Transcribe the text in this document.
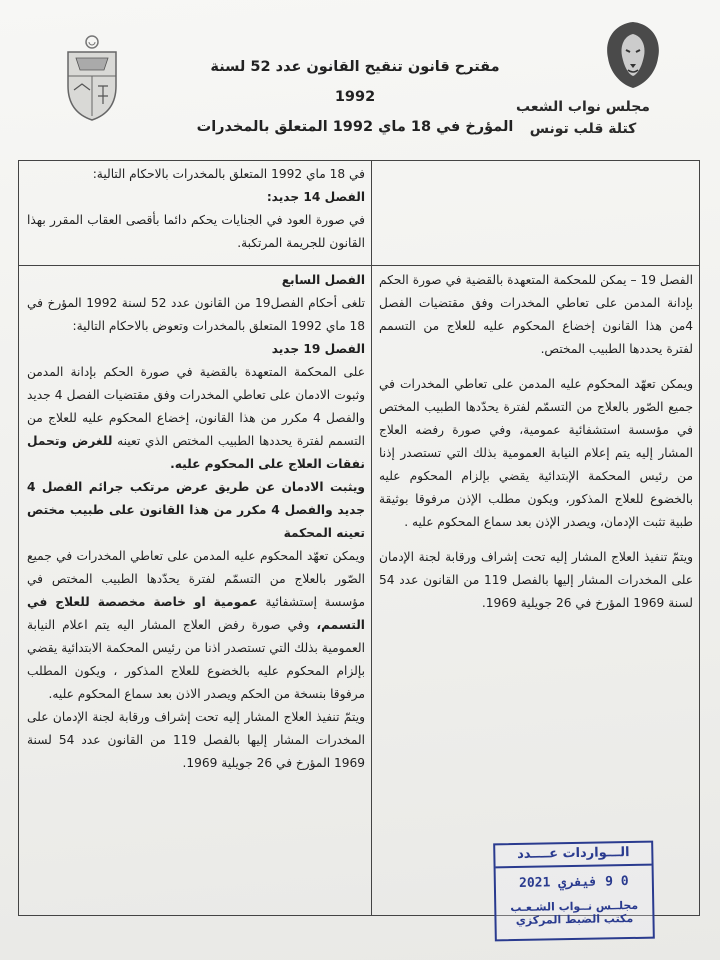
مقترح قانون تنقيح القانون عدد 52 لسنة 1992
المؤرخ في 18 ماي 1992 المتعلق بالمخدرات
مجلس نواب الشعب
كتلة قلب تونس

في 18 ماي 1992 المتعلق بالمخدرات بالاحكام التالية:

الفصل 14 جديد:

في صورة العود في الجنايات يحكم دائما بأقصى العقاب المقرر بهذا القانون للجريمة المرتكبة.

الفصل 19 – يمكن للمحكمة المتعهدة بالقضية في صورة الحكم بإدانة المدمن على تعاطي المخدرات وفق مقتضيات الفصل 4من هذا القانون إخضاع المحكوم عليه للعلاج من التسمم لفترة يحددها الطبيب المختص.

ويمكن تعهّد المحكوم عليه المدمن على تعاطي المخدرات في جميع الصّور بالعلاج من التسمّم لفترة يحدّدها الطبيب المختص في مؤسسة استشفائية عمومية، وفي صورة رفضه العلاج المشار إليه يتم إعلام النيابة العمومية بذلك التي تستصدر إذنا من رئيس المحكمة الإبتدائية يقضي بإلزام المحكوم عليه بالخضوع للعلاج المذكور، ويكون مطلب الإذن مرفوقا بوثيقة طبية تثبت الإدمان، ويصدر الإذن بعد سماع المحكوم عليه .

ويتمّ تنفيذ العلاج المشار إليه تحت إشراف ورقابة لجنة الإدمان على المخدرات المشار إليها بالفصل 119 من القانون عدد 54 لسنة 1969 المؤرخ في 26 جويلية 1969.

الفصل السابع

تلغى أحكام الفصل19 من القانون عدد 52 لسنة 1992 المؤرخ في 18 ماي 1992 المتعلق بالمخدرات وتعوض بالاحكام التالية:

الفصل 19 جديد

على المحكمة المتعهدة بالقضية في صورة الحكم بإدانة المدمن وثبوت الادمان على تعاطي المخدرات وفق مقتضيات الفصل 4 جديد والفصل 4 مكرر من هذا القانون، إخضاع المحكوم عليه للعلاج من التسمم لفترة يحددها الطبيب المختص الذي تعينه للغرض وتحمل نفقات العلاج على المحكوم عليه.

ويثبت الادمان عن طريق عرض مرتكب جرائم الفصل 4 جديد والفصل 4 مكرر من هذا القانون على طبيب مختص تعينه المحكمة

ويمكن تعهّد المحكوم عليه المدمن على تعاطي المخدرات في جميع الصّور بالعلاج من التسمّم لفترة يحدّدها الطبيب المختص في مؤسسة إستشفائية عمومية او خاصة مخصصة للعلاج في التسمم، وفي صورة رفض العلاج المشار اليه يتم اعلام النيابة العمومية بذلك التي تستصدر اذنا من رئيس المحكمة الابتدائية يقضي بإلزام المحكوم عليه بالخضوع للعلاج المذكور ، ويكون المطلب مرفوقا بنسخة من الحكم ويصدر الاذن بعد سماع المحكوم عليه.

ويتمّ تنفيذ العلاج المشار إليه تحت إشراف ورقابة لجنة الإدمان على المخدرات المشار إليها بالفصل 119 من القانون عدد 54 لسنة 1969 المؤرخ في 26 جويلية 1969.

الـــواردات عــــدد
0 9 فيفري 2021
مجلــس نــواب الشـعـب
مكتب الضبط المركزي
